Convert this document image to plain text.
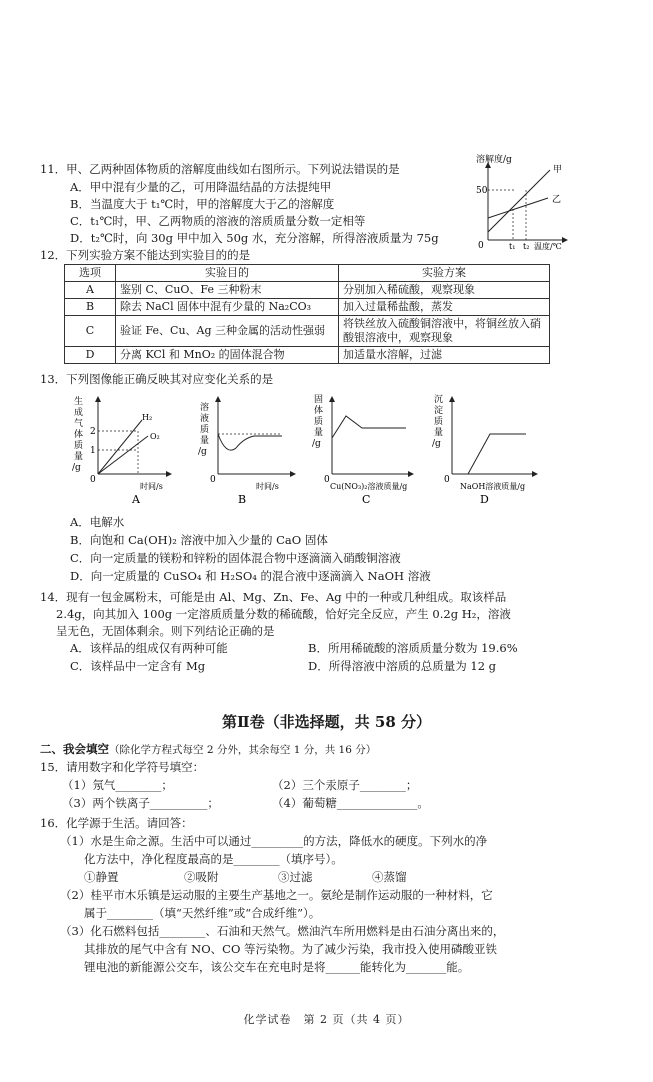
11．甲、乙两种固体物质的溶解度曲线如右图所示。下列说法错误的是
A．甲中混有少量的乙，可用降温结晶的方法提纯甲
B．当温度大于 t₁℃时，甲的溶解度大于乙的溶解度
C．t₁℃时，甲、乙两物质的溶液的溶质质量分数一定相等
D．t₂℃时，向 30g 甲中加入 50g 水，充分溶解，所得溶液质量为 75g
溶解度/g
50
0	t₁ t₂ 温度/℃
甲
乙
12．下列实验方案不能达到实验目的的是
选项	实验目的	实验方案
A	鉴别 C、CuO、Fe 三种粉末	分别加入稀硫酸，观察现象
B	除去 NaCl 固体中混有少量的 Na₂CO₃	加入过量稀盐酸，蒸发
C	验证 Fe、Cu、Ag 三种金属的活动性强弱	将铁丝放入硫酸铜溶液中，将铜丝放入硝酸银溶液中，观察现象
D	分离 KCl 和 MnO₂ 的固体混合物	加适量水溶解，过滤
13．下列图像能正确反映其对应变化关系的是
生
成
气
体
质
量
/g
2
1
0
H₂
O₂
时间/s
A
溶
液
质
量
/g
0
时间/s
B
固
体
质
量
/g
0
Cu(NO₃)₂溶液质量/g
C
沉
淀
质
量
/g
0
NaOH溶液质量/g
D
A．电解水
B．向饱和 Ca(OH)₂ 溶液中加入少量的 CaO 固体
C．向一定质量的镁粉和锌粉的固体混合物中逐滴滴入硝酸铜溶液
D．向一定质量的 CuSO₄ 和 H₂SO₄ 的混合液中逐滴滴入 NaOH 溶液
14．现有一包金属粉末，可能是由 Al、Mg、Zn、Fe、Ag 中的一种或几种组成。取该样品
2.4g，向其加入 100g 一定溶质质量分数的稀硫酸，恰好完全反应，产生 0.2g H₂，溶液
呈无色，无固体剩余。则下列结论正确的是
A．该样品的组成仅有两种可能	B．所用稀硫酸的溶质质量分数为 19.6%
C．该样品中一定含有 Mg	D．所得溶液中溶质的总质量为 12 g
第Ⅱ卷（非选择题，共 58 分）
二、我会填空（除化学方程式每空 2 分外，其余每空 1 分，共 16 分）
15．请用数字和化学符号填空：
（1）氖气________；	（2）三个汞原子________；
（3）两个铁离子__________；	（4）葡萄糖______________。
16．化学源于生活。请回答：
（1）水是生命之源。生活中可以通过_________的方法，降低水的硬度。下列水的净
化方法中，净化程度最高的是________（填序号）。
①静置	②吸附	③过滤	④蒸馏
（2）桂平市木乐镇是运动服的主要生产基地之一。氨纶是制作运动服的一种材料，它
属于________（填“天然纤维”或“合成纤维”）。
（3）化石燃料包括________、石油和天然气。燃油汽车所用燃料是由石油分离出来的，
其排放的尾气中含有 NO、CO 等污染物。为了减少污染，我市投入使用磷酸亚铁
锂电池的新能源公交车，该公交车在充电时是将______能转化为_______能。
化学试卷　第 2 页（共 4 页）
